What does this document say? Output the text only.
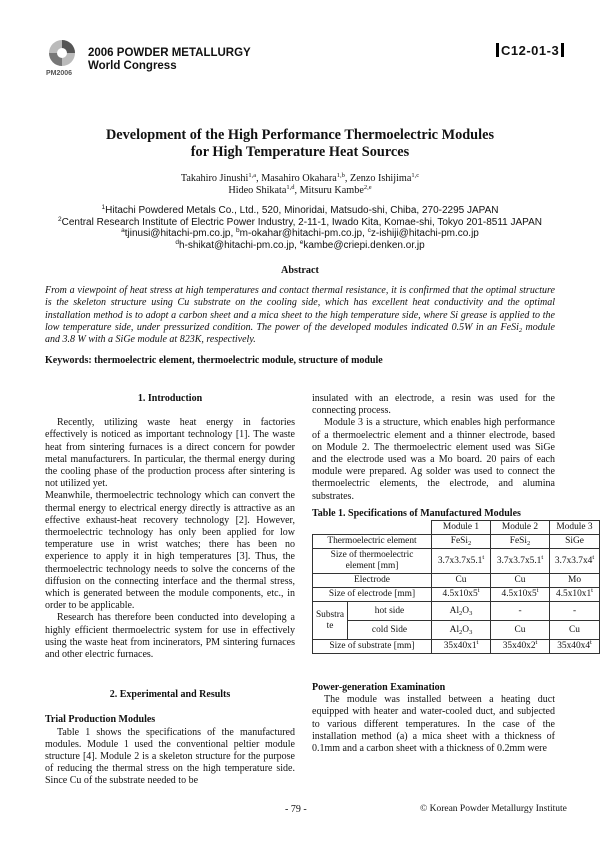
PM2006
2006 POWDER METALLURGY
World Congress
C12-01-3
Development of the High Performance Thermoelectric Modules
for High Temperature Heat Sources
Takahiro Jinushi$^{1,a}$, Masahiro Okahara$^{1,b}$, Zenzo Ishijima$^{1,c}$
Hideo Shikata$^{1,d}$, Mitsuru Kambe$^{2,e}$
$^1$Hitachi Powdered Metals Co., Ltd., 520, Minoridai, Matsudo-shi, Chiba, 270-2295 JAPAN
$^2$Central Research Institute of Electric Power Industry, 2-11-1, Iwado Kita, Komae-shi, Tokyo 201-8511 JAPAN
$^a$tjinusi@hitachi-pm.co.jp, $^b$m-okahar@hitachi-pm.co.jp, $^c$z-ishiji@hitachi-pm.co.jp
$^d$h-shikat@hitachi-pm.co.jp, $^e$kambe@criepi.denken.or.jp
Abstract
From a viewpoint of heat stress at high temperatures and contact thermal resistance, it is confirmed that the optimal structure is the skeleton structure using Cu substrate on the cooling side, which has excellent heat conductivity and the optimal installation method is to adopt a carbon sheet and a mica sheet to the high temperature side, where Si grease is applied to the low temperature side, under pressurized condition. The power of the developed modules indicated 0.5W in an FeSi$_2$ module and 3.8 W with a SiGe module at 823K, respectively.
Keywords: thermoelectric element, thermoelectric module, structure of module
1. Introduction

Recently, utilizing waste heat energy in factories effectively is noticed as important technology [1]. The waste heat from sintering furnaces is a direct concern for powder metal manufacturers. In particular, the thermal energy during the cooling phase of the production process after sintering is not utilized yet.

Meanwhile, thermoelectric technology which can convert the thermal energy to electrical energy directly is attractive as an effective exhaust-heat recovery technology [2]. However, thermoelectric technology has only been applied for low temperature use in wrist watches; there has been no experience to apply it in high temperatures [3]. Thus, the thermoelectric technology needs to solve the concerns of the diffusion on the connecting interface and the thermal stress, which is generated between the module components, etc., in order to be applicable.

Research has therefore been conducted into developing a highly efficient thermoelectric system for use in effectively using the waste heat from incinerators, PM sintering furnaces and other electric furnaces.

2. Experimental and Results
Trial Production Modules

Table 1 shows the specifications of the manufactured modules. Module 1 used the conventional peltier module structure [4]. Module 2 is a skeleton structure for the purpose of reducing the thermal stress on the high temperature side. Since Cu of the substrate needed to be

insulated with an electrode, a resin was used for the connecting process.

Module 3 is a structure, which enables high performance of a thermoelectric element and a thinner electrode, based on Module 2. The thermoelectric element used was SiGe and the electrode used was a Mo board. 20 pairs of each module were prepared. Ag solder was used to connect the thermoelectric elements, the electrode, and alumina substrates.

Table 1. Specifications of Manufactured Modules
		Module 1	Module 2	Module 3
Thermoelectric element		FeSi$_2$	FeSi$_2$	SiGe
Size of thermoelectric element [mm]		3.7x3.7x5.1$^t$	3.7x3.7x5.1$^t$	3.7x3.7x4$^t$
Electrode		Cu	Cu	Mo
Size of electrode [mm]		4.5x10x5$^t$	4.5x10x5$^t$	4.5x10x1$^t$
Substrate	hot side	$Al_2O_3$	-	-
	cold Side	$Al_2O_3$	Cu	Cu
Size of substrate [mm]		35x40x1$^t$	35x40x2$^t$	35x40x4$^t$
Power-generation Examination

The module was installed between a heating duct equipped with heater and water-cooled duct, and subjected to various different temperatures. In the case of the installation method (a) a mica sheet with a thickness of 0.1mm and a carbon sheet with a thickness of 0.2mm were

- 79 -	© Korean Powder Metallurgy Institute
